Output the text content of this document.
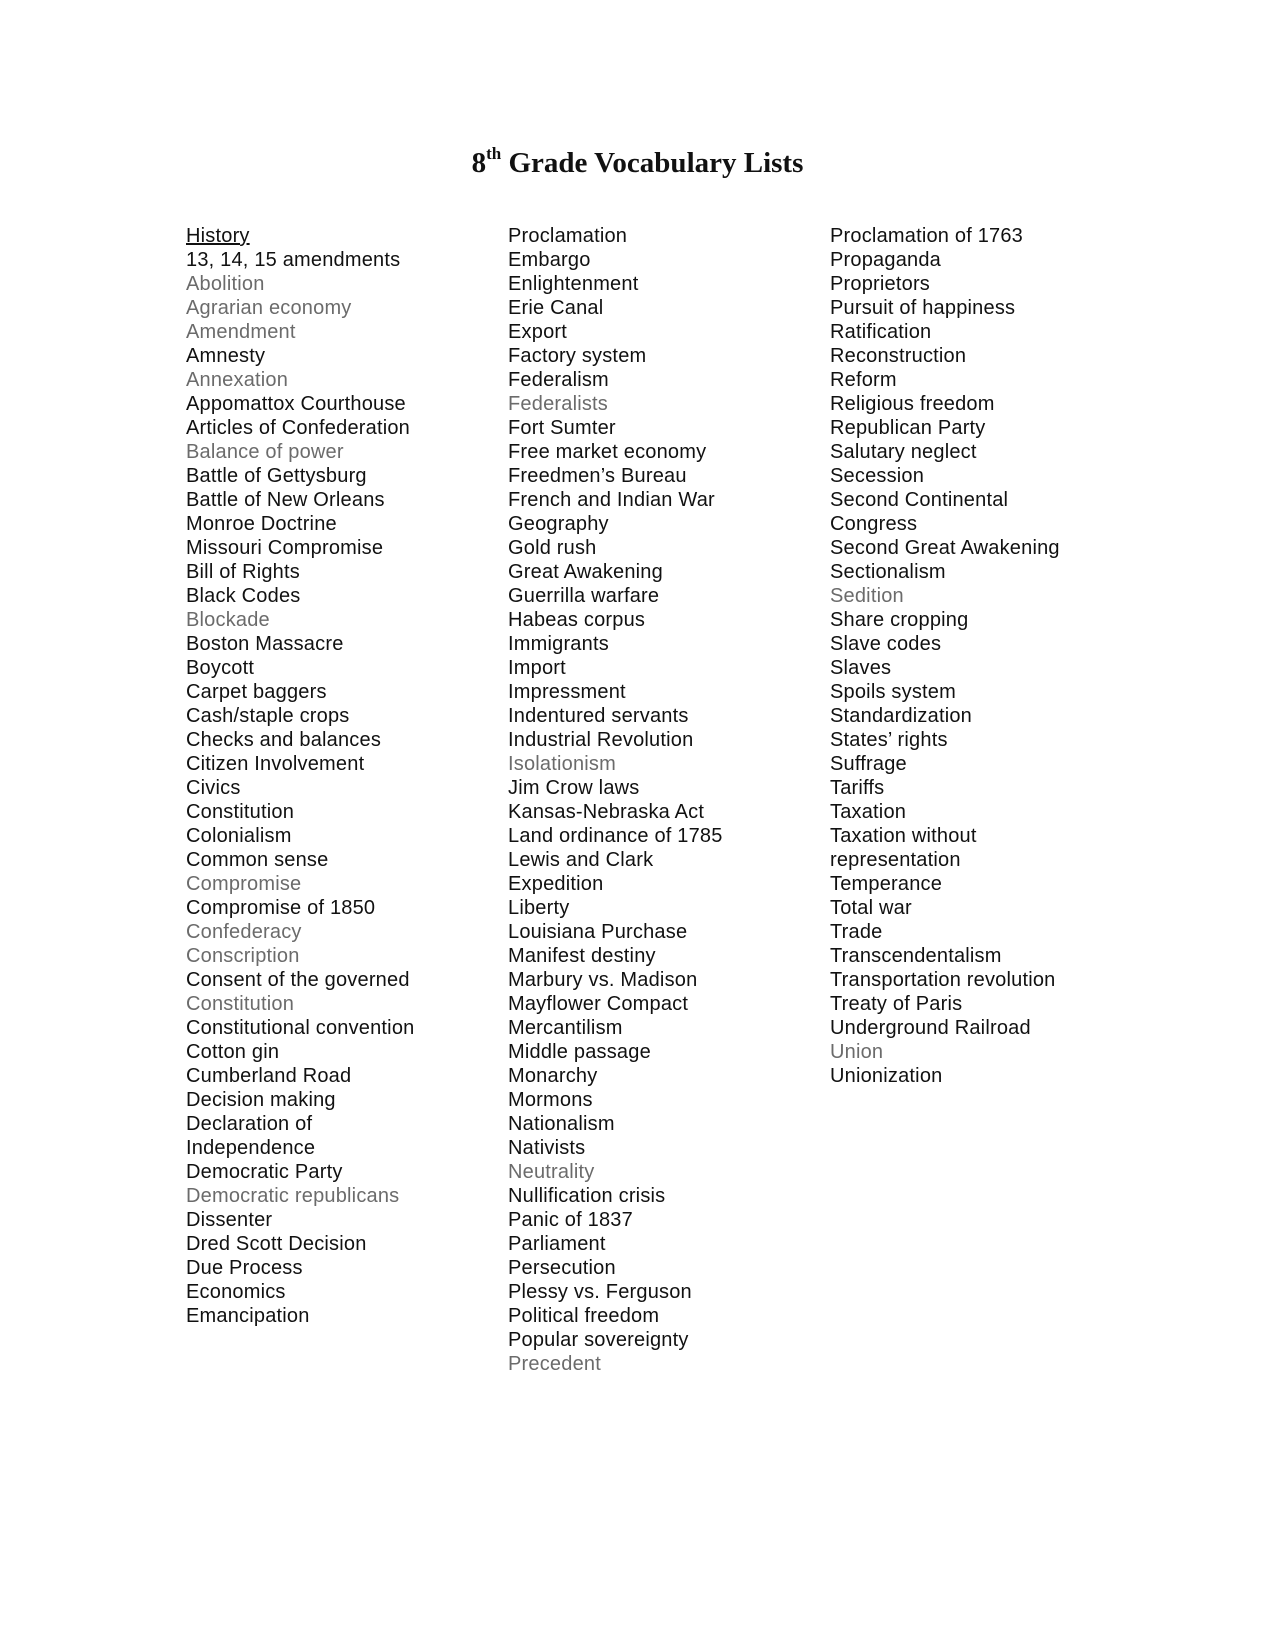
8th Grade Vocabulary Lists
History
13, 14, 15 amendments
Abolition
Agrarian economy
Amendment
Amnesty
Annexation
Appomattox Courthouse
Articles of Confederation
Balance of power
Battle of Gettysburg
Battle of New Orleans
Monroe Doctrine
Missouri Compromise
Bill of Rights
Black Codes
Blockade
Boston Massacre
Boycott
Carpet baggers
Cash/staple crops
Checks and balances
Citizen Involvement
Civics
Constitution
Colonialism
Common sense
Compromise
Compromise of 1850
Confederacy
Conscription
Consent of the governed
Constitution
Constitutional convention
Cotton gin
Cumberland Road
Decision making
Declaration of
Independence
Democratic Party
Democratic republicans
Dissenter
Dred Scott Decision
Due Process
Economics
Emancipation
Proclamation
Embargo
Enlightenment
Erie Canal
Export
Factory system
Federalism
Federalists
Fort Sumter
Free market economy
Freedmen’s Bureau
French and Indian War
Geography
Gold rush
Great Awakening
Guerrilla warfare
Habeas corpus
Immigrants
Import
Impressment
Indentured servants
Industrial Revolution
Isolationism
Jim Crow laws
Kansas-Nebraska Act
Land ordinance of 1785
Lewis and Clark
Expedition
Liberty
Louisiana Purchase
Manifest destiny
Marbury vs. Madison
Mayflower Compact
Mercantilism
Middle passage
Monarchy
Mormons
Nationalism
Nativists
Neutrality
Nullification crisis
Panic of 1837
Parliament
Persecution
Plessy vs. Ferguson
Political freedom
Popular sovereignty
Precedent
Proclamation of 1763
Propaganda
Proprietors
Pursuit of happiness
Ratification
Reconstruction
Reform
Religious freedom
Republican Party
Salutary neglect
Secession
Second Continental
Congress
Second Great Awakening
Sectionalism
Sedition
Share cropping
Slave codes
Slaves
Spoils system
Standardization
States’ rights
Suffrage
Tariffs
Taxation
Taxation without
representation
Temperance
Total war
Trade
Transcendentalism
Transportation revolution
Treaty of Paris
Underground Railroad
Union
Unionization
